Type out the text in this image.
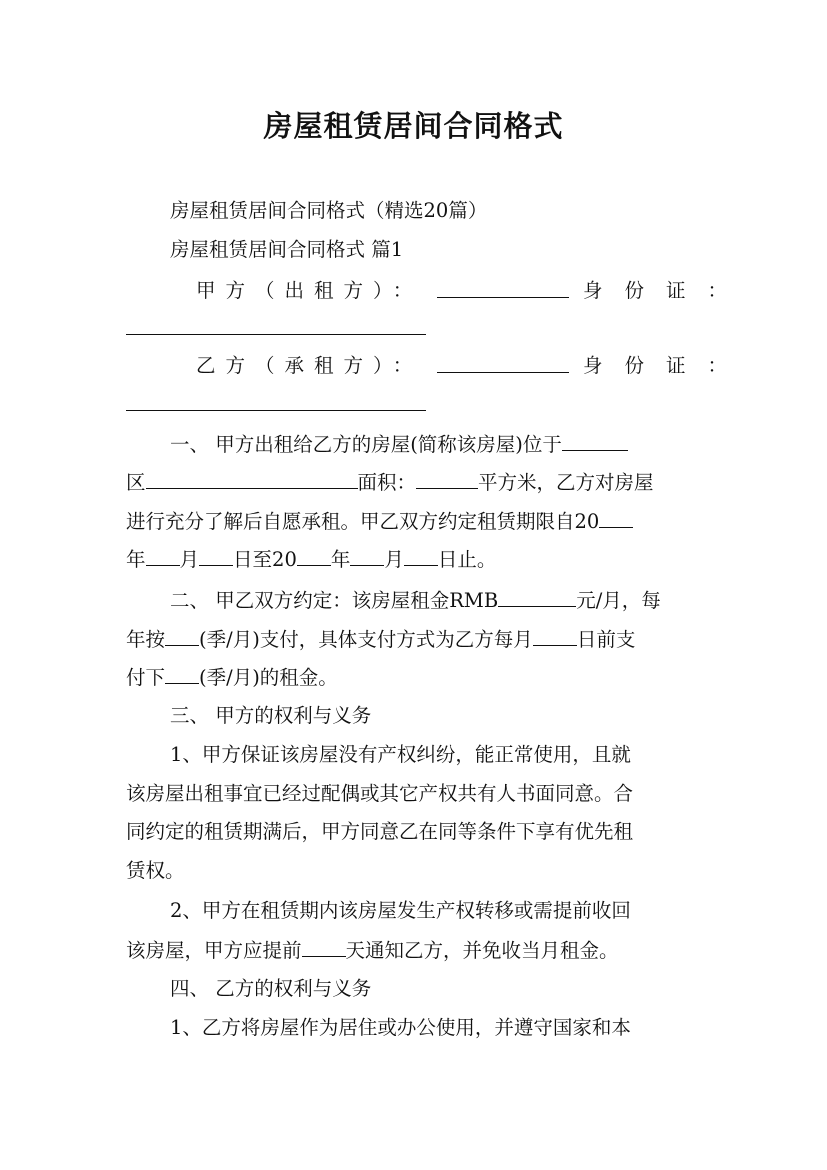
房屋租赁居间合同格式
房屋租赁居间合同格式（精选20篇）
房屋租赁居间合同格式 篇1
甲方（出租方）：	身份证：
乙方（承租方）：	身份证：
一、 甲方出租给乙方的房屋(简称该房屋)位于
区	面积：	平方米，乙方对房屋
进行充分了解后自愿承租。甲乙双方约定租赁期限自20
年 月 日至20 年 月 日止。
二、 甲乙双方约定：该房屋租金RMB	元/月，每
年按 (季/月)支付，具体支付方式为乙方每月 日前支
付下 (季/月)的租金。
三、 甲方的权利与义务
1、甲方保证该房屋没有产权纠纷，能正常使用，且就
该房屋出租事宜已经过配偶或其它产权共有人书面同意。合
同约定的租赁期满后，甲方同意乙在同等条件下享有优先租
赁权。
2、甲方在租赁期内该房屋发生产权转移或需提前收回
该房屋，甲方应提前 天通知乙方，并免收当月租金。
四、 乙方的权利与义务
1、乙方将房屋作为居住或办公使用，并遵守国家和本
